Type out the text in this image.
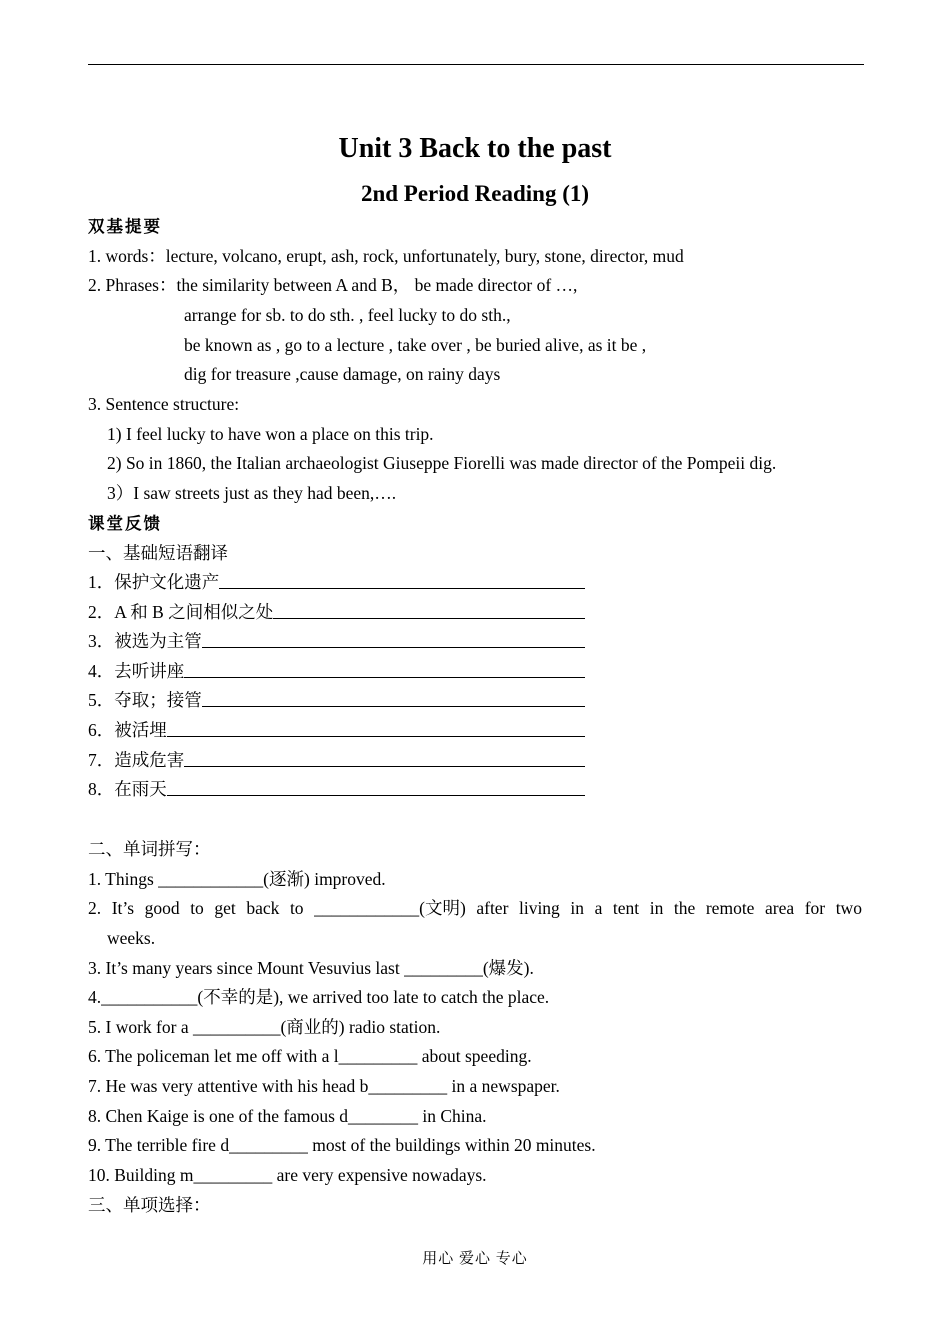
Unit 3 Back to the past
2nd Period Reading (1)
双基提要
1. words：lecture, volcano, erupt, ash, rock, unfortunately, bury, stone, director, mud
2. Phrases：the similarity between A and B， be made director of …,
arrange for sb. to do sth. , feel lucky to do sth.,
be known as , go to a lecture , take over , be buried alive, as it be ,
dig for treasure ,cause damage, on rainy days
3. Sentence structure:
1) I feel lucky to have won a place on this trip.
2) So in 1860, the Italian archaeologist Giuseppe Fiorelli was made director of the Pompeii dig.
3）I saw streets just as they had been,….
课堂反馈
一、基础短语翻译
1．保护文化遗产
2．A 和 B 之间相似之处
3．被选为主管
4．去听讲座
5．夺取；接管
6．被活埋
7．造成危害
8．在雨天
二、单词拼写：
1. Things ____________(逐渐) improved.
2. It’s good to get back to ____________(文明) after living in a tent in the remote area for two
weeks.
3. It’s many years since Mount Vesuvius last _________(爆发).
4.___________(不幸的是), we arrived too late to catch the place.
5. I work for a __________(商业的) radio station.
6. The policeman let me off with a l_________ about speeding.
7. He was very attentive with his head b_________ in a newspaper.
8. Chen Kaige is one of the famous d________ in China.
9. The terrible fire d_________ most of the buildings within 20 minutes.
10. Building m_________ are very expensive nowadays.
三、单项选择：
用心 爱心 专心
